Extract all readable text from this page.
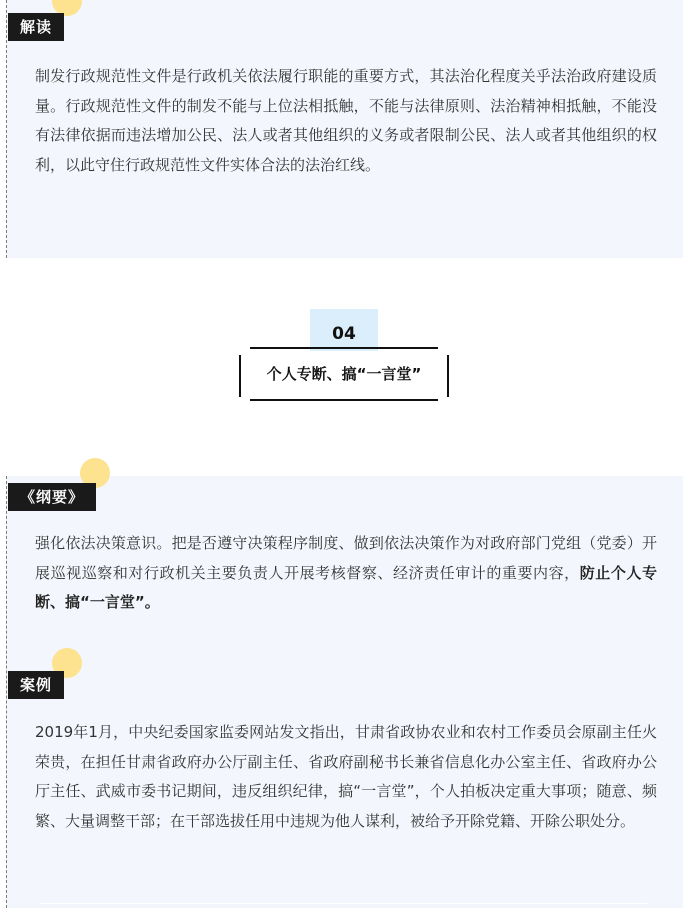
解读

制发行政规范性文件是行政机关依法履行职能的重要方式，其法治化程度关乎法治政府建设质量。行政规范性文件的制发不能与上位法相抵触，不能与法律原则、法治精神相抵触，不能没有法律依据而违法增加公民、法人或者其他组织的义务或者限制公民、法人或者其他组织的权利，以此守住行政规范性文件实体合法的法治红线。

04
个人专断、搞“一言堂”
《纲要》

强化依法决策意识。把是否遵守决策程序制度、做到依法决策作为对政府部门党组（党委）开展巡视巡察和对行政机关主要负责人开展考核督察、经济责任审计的重要内容，防止个人专断、搞“一言堂”。

案例

2019年1月，中央纪委国家监委网站发文指出，甘肃省政协农业和农村工作委员会原副主任火荣贵，在担任甘肃省政府办公厅副主任、省政府副秘书长兼省信息化办公室主任、省政府办公厅主任、武威市委书记期间，违反组织纪律，搞“一言堂”，个人拍板决定重大事项；随意、频繁、大量调整干部；在干部选拔任用中违规为他人谋利，被给予开除党籍、开除公职处分。
